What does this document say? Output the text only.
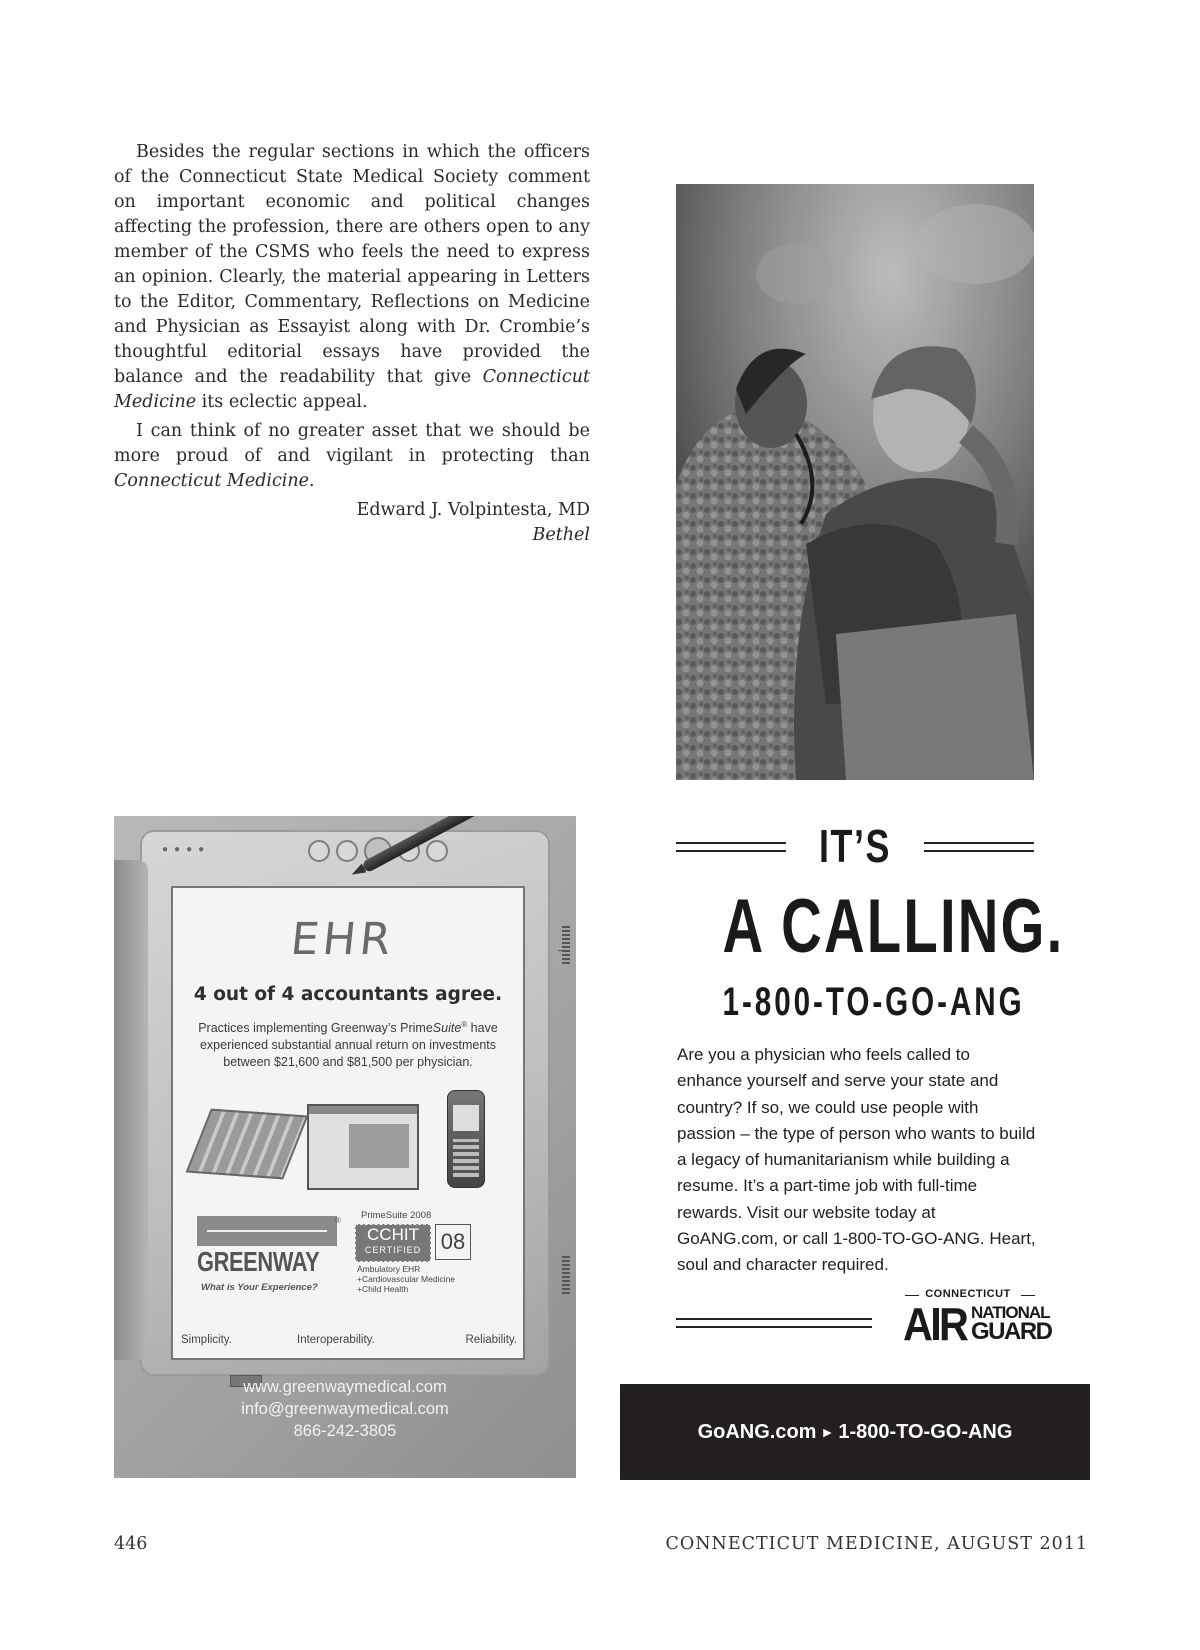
Besides the regular sections in which the officers of the Connecticut State Medical Society comment on important economic and political changes affecting the profession, there are others open to any member of the CSMS who feels the need to express an opinion. Clearly, the material appearing in Letters to the Editor, Commentary, Reflections on Medicine and Physician as Essayist along with Dr. Crombie’s thoughtful editorial essays have provided the balance and the readability that give Connecticut Medicine its eclectic appeal.

I can think of no greater asset that we should be more proud of and vigilant in protecting than Connecticut Medicine.

Edward J. Volpintesta, MD
Bethel
IT’S
A CALLING.
1-800-TO-GO-ANG
Are you a physician who feels called to enhance yourself and serve your state and country? If so, we could use people with passion – the type of person who wants to build a legacy of humanitarianism while building a resume. It’s a part-time job with full-time rewards. Visit our website today at GoANG.com, or call 1-800-TO-GO-ANG. Heart, soul and character required.
CONNECTICUT
AIR NATIONAL
GUARD
GoANG.com ► 1-800-TO-GO-ANG
●●●●
EHR
4 out of 4 accountants agree.
Practices implementing Greenway’s PrimeSuite® have experienced substantial annual return on investments between $21,600 and $81,500 per physician.
GREENWAY
®
What is Your Experience?
PrimeSuite 2008
CCHIT
CERTIFIED 08
Ambulatory EHR
+Cardiovascular Medicine
+Child Health
Simplicity.	Interoperability.	Reliability.
www.greenwaymedical.com
info@greenwaymedical.com
866-242-3805
446	CONNECTICUT MEDICINE, AUGUST 2011
